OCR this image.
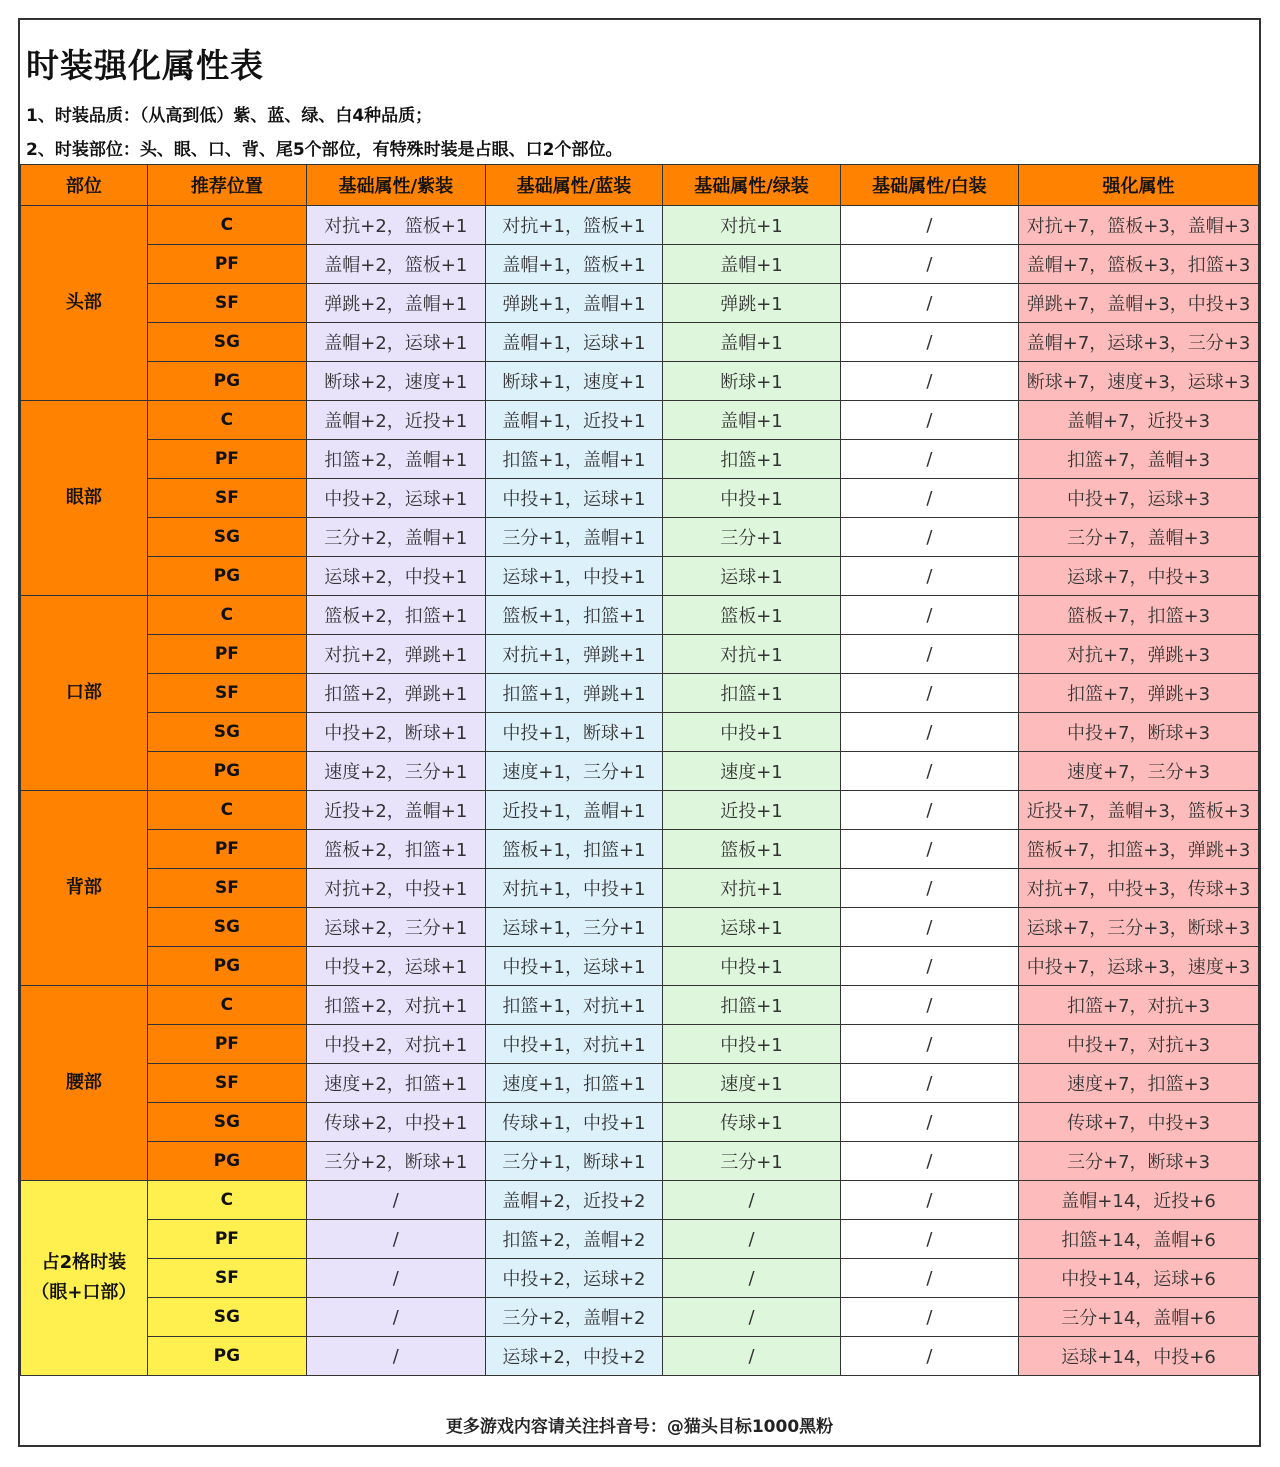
时装强化属性表
1、时装品质：（从高到低）紫、蓝、绿、白4种品质；
2、时装部位：头、眼、口、背、尾5个部位，有特殊时装是占眼、口2个部位。
部位	推荐位置	基础属性/紫装	基础属性/蓝装	基础属性/绿装	基础属性/白装	强化属性
头部	C	对抗+2，篮板+1	对抗+1，篮板+1	对抗+1	/	对抗+7，篮板+3，盖帽+3
	PF	盖帽+2，篮板+1	盖帽+1，篮板+1	盖帽+1	/	盖帽+7，篮板+3，扣篮+3
	SF	弹跳+2，盖帽+1	弹跳+1，盖帽+1	弹跳+1	/	弹跳+7，盖帽+3，中投+3
	SG	盖帽+2，运球+1	盖帽+1，运球+1	盖帽+1	/	盖帽+7，运球+3，三分+3
	PG	断球+2，速度+1	断球+1，速度+1	断球+1	/	断球+7，速度+3，运球+3
眼部	C	盖帽+2，近投+1	盖帽+1，近投+1	盖帽+1	/	盖帽+7，近投+3
	PF	扣篮+2，盖帽+1	扣篮+1，盖帽+1	扣篮+1	/	扣篮+7，盖帽+3
	SF	中投+2，运球+1	中投+1，运球+1	中投+1	/	中投+7，运球+3
	SG	三分+2，盖帽+1	三分+1，盖帽+1	三分+1	/	三分+7，盖帽+3
	PG	运球+2，中投+1	运球+1，中投+1	运球+1	/	运球+7，中投+3
口部	C	篮板+2，扣篮+1	篮板+1，扣篮+1	篮板+1	/	篮板+7，扣篮+3
	PF	对抗+2，弹跳+1	对抗+1，弹跳+1	对抗+1	/	对抗+7，弹跳+3
	SF	扣篮+2，弹跳+1	扣篮+1，弹跳+1	扣篮+1	/	扣篮+7，弹跳+3
	SG	中投+2，断球+1	中投+1，断球+1	中投+1	/	中投+7，断球+3
	PG	速度+2，三分+1	速度+1，三分+1	速度+1	/	速度+7，三分+3
背部	C	近投+2，盖帽+1	近投+1，盖帽+1	近投+1	/	近投+7，盖帽+3，篮板+3
	PF	篮板+2，扣篮+1	篮板+1，扣篮+1	篮板+1	/	篮板+7，扣篮+3，弹跳+3
	SF	对抗+2，中投+1	对抗+1，中投+1	对抗+1	/	对抗+7，中投+3，传球+3
	SG	运球+2，三分+1	运球+1，三分+1	运球+1	/	运球+7，三分+3，断球+3
	PG	中投+2，运球+1	中投+1，运球+1	中投+1	/	中投+7，运球+3，速度+3
腰部	C	扣篮+2，对抗+1	扣篮+1，对抗+1	扣篮+1	/	扣篮+7，对抗+3
	PF	中投+2，对抗+1	中投+1，对抗+1	中投+1	/	中投+7，对抗+3
	SF	速度+2，扣篮+1	速度+1，扣篮+1	速度+1	/	速度+7，扣篮+3
	SG	传球+2，中投+1	传球+1，中投+1	传球+1	/	传球+7，中投+3
	PG	三分+2，断球+1	三分+1，断球+1	三分+1	/	三分+7，断球+3

占2格时装
（眼+口部）	C	/	盖帽+2，近投+2	/	/	盖帽+14，近投+6
	PF	/	扣篮+2，盖帽+2	/	/	扣篮+14，盖帽+6
	SF	/	中投+2，运球+2	/	/	中投+14，运球+6
	SG	/	三分+2，盖帽+2	/	/	三分+14，盖帽+6
	PG	/	运球+2，中投+2	/	/	运球+14，中投+6
更多游戏内容请关注抖音号：@猫头目标1000黑粉
